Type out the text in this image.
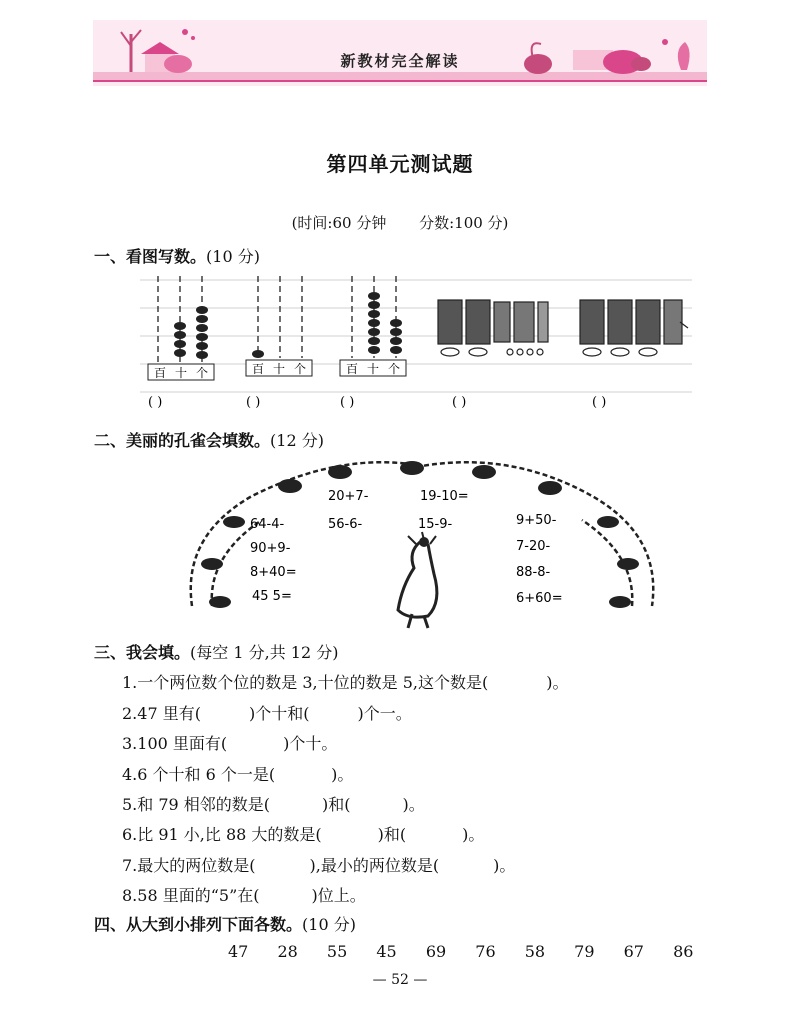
新教材完全解读
第四单元测试题
(时间:60 分钟 分数:100 分)
一、看图写数。(10 分)
百 十 个	百 十 个	百 十 个
( )	( )	( )	( )	( )
二、美丽的孔雀会填数。(12 分)
20+7-	19-10=
64-4-	56-6-	15-9-	9+50-
90+9-	7-20-
8+40=	88-8-
45 5=	6+60=
三、我会填。(每空 1 分,共 12 分)
1.一个两位数个位的数是 3,十位的数是 5,这个数是(	)。
2.47 里有(	)个十和(	)个一。
3.100 里面有(	)个十。
4.6 个十和 6 个一是(	)。
5.和 79 相邻的数是(	)和(	)。
6.比 91 小,比 88 大的数是(	)和(	)。
7.最大的两位数是(	),最小的两位数是(	)。
8.58 里面的“5”在(	)位上。
四、从大到小排列下面各数。(10 分)
47 28 55 45 69 76 58 79 67 86
— 52 —
